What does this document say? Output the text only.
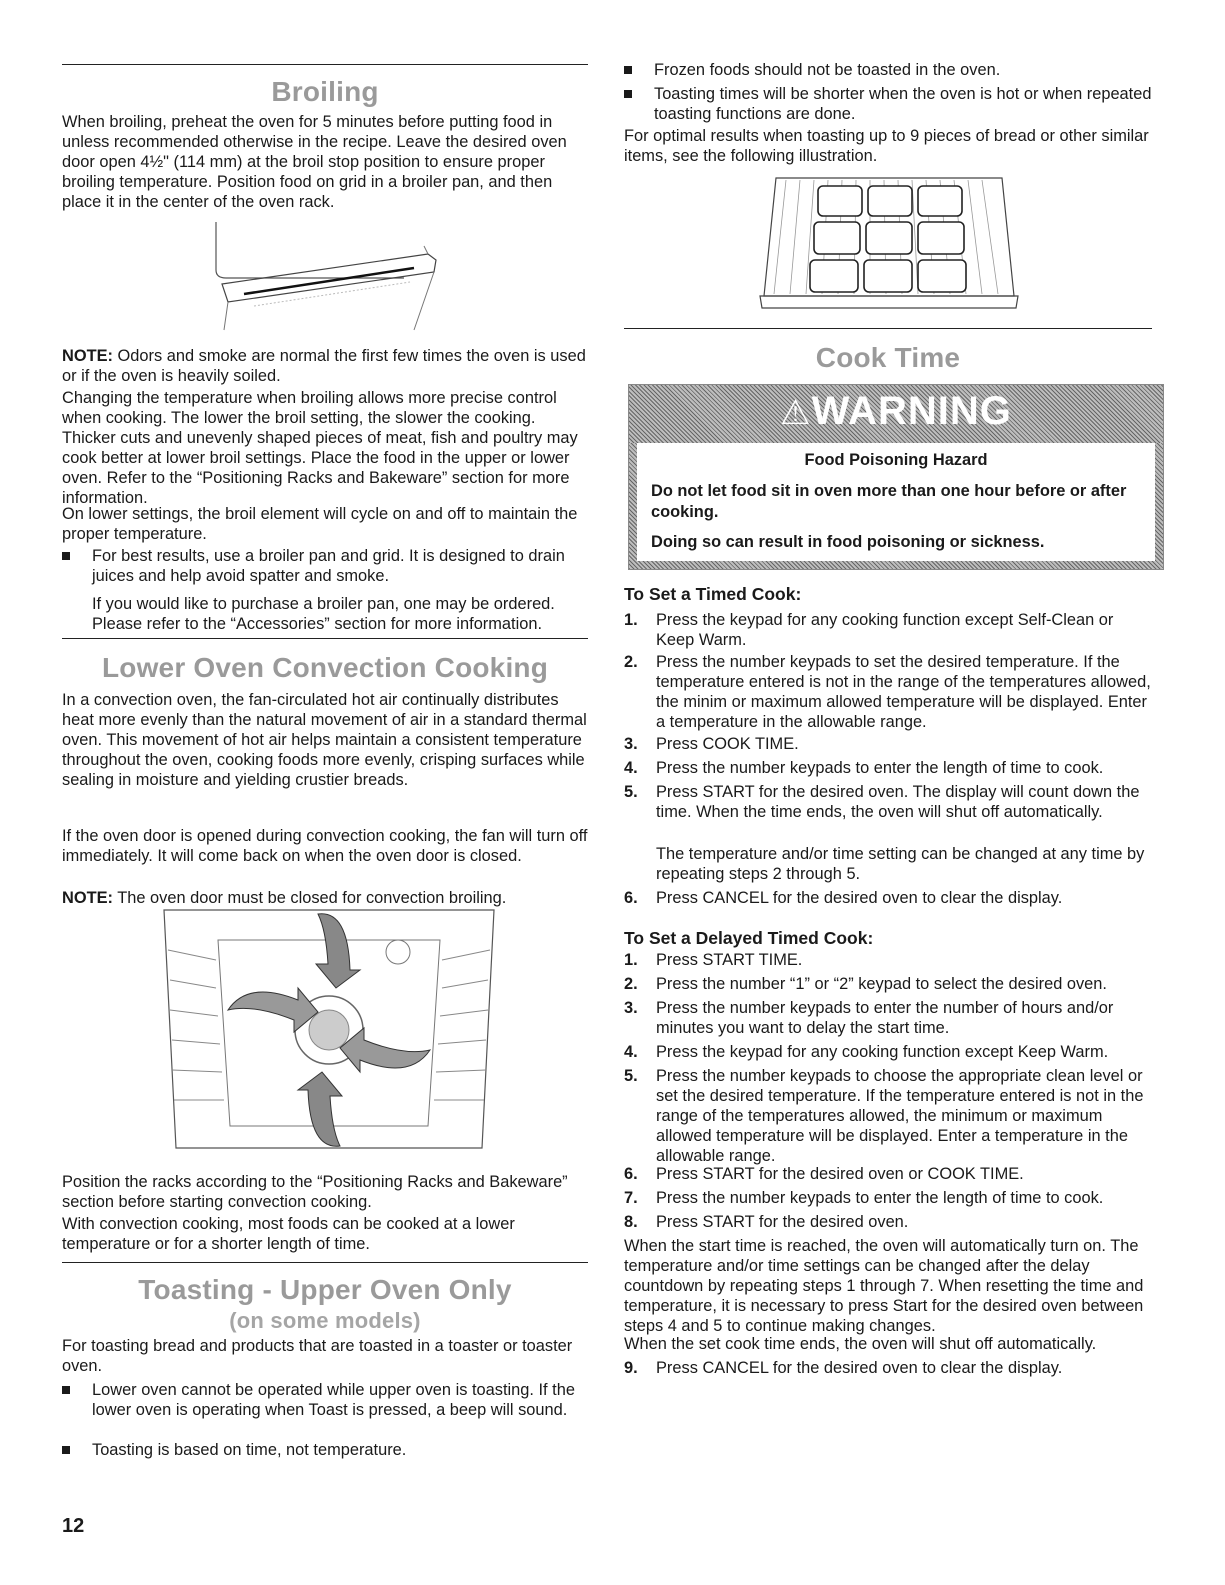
Broiling

When broiling, preheat the oven for 5 minutes before putting food in unless recommended otherwise in the recipe. Leave the desired oven door open 4½" (114 mm) at the broil stop position to ensure proper broiling temperature. Position food on grid in a broiler pan, and then place it in the center of the oven rack.

NOTE: Odors and smoke are normal the first few times the oven is used or if the oven is heavily soiled.

Changing the temperature when broiling allows more precise control when cooking. The lower the broil setting, the slower the cooking. Thicker cuts and unevenly shaped pieces of meat, fish and poultry may cook better at lower broil settings. Place the food in the upper or lower oven. Refer to the “Positioning Racks and Bakeware” section for more information.

On lower settings, the broil element will cycle on and off to maintain the proper temperature.

For best results, use a broiler pan and grid. It is designed to drain juices and help avoid spatter and smoke.

If you would like to purchase a broiler pan, one may be ordered. Please refer to the “Accessories” section for more information.

Lower Oven Convection Cooking

In a convection oven, the fan-circulated hot air continually distributes heat more evenly than the natural movement of air in a standard thermal oven. This movement of hot air helps maintain a consistent temperature throughout the oven, cooking foods more evenly, crisping surfaces while sealing in moisture and yielding crustier breads.

If the oven door is opened during convection cooking, the fan will turn off immediately. It will come back on when the oven door is closed.

NOTE: The oven door must be closed for convection broiling.

Position the racks according to the “Positioning Racks and Bakeware” section before starting convection cooking.

With convection cooking, most foods can be cooked at a lower temperature or for a shorter length of time.

Toasting - Upper Oven Only
(on some models)

For toasting bread and products that are toasted in a toaster or toaster oven.

Lower oven cannot be operated while upper oven is toasting. If the lower oven is operating when Toast is pressed, a beep will sound.
Toasting is based on time, not temperature.
12
Frozen foods should not be toasted in the oven.
Toasting times will be shorter when the oven is hot or when repeated toasting functions are done.

For optimal results when toasting up to 9 pieces of bread or other similar items, see the following illustration.

Cook Time
⚠WARNING
Food Poisoning Hazard
Do not let food sit in oven more than one hour before or after cooking.
Doing so can result in food poisoning or sickness.
To Set a Timed Cook:
1. Press the keypad for any cooking function except Self-Clean or Keep Warm.
2. Press the number keypads to set the desired temperature. If the temperature entered is not in the range of the temperatures allowed, the minim or maximum allowed temperature will be displayed. Enter a temperature in the allowable range.
3. Press COOK TIME.
4. Press the number keypads to enter the length of time to cook.
5. Press START for the desired oven. The display will count down the time. When the time ends, the oven will shut off automatically.
The temperature and/or time setting can be changed at any time by repeating steps 2 through 5.
6. Press CANCEL for the desired oven to clear the display.
To Set a Delayed Timed Cook:
1. Press START TIME.
2. Press the number “1” or “2” keypad to select the desired oven.
3. Press the number keypads to enter the number of hours and/or minutes you want to delay the start time.
4. Press the keypad for any cooking function except Keep Warm.
5. Press the number keypads to choose the appropriate clean level or set the desired temperature. If the temperature entered is not in the range of the temperatures allowed, the minimum or maximum allowed temperature will be displayed. Enter a temperature in the allowable range.
6. Press START for the desired oven or COOK TIME.
7. Press the number keypads to enter the length of time to cook.
8. Press START for the desired oven.

When the start time is reached, the oven will automatically turn on. The temperature and/or time settings can be changed after the delay countdown by repeating steps 1 through 7. When resetting the time and temperature, it is necessary to press Start for the desired oven between steps 4 and 5 to continue making changes.

When the set cook time ends, the oven will shut off automatically.

9. Press CANCEL for the desired oven to clear the display.
